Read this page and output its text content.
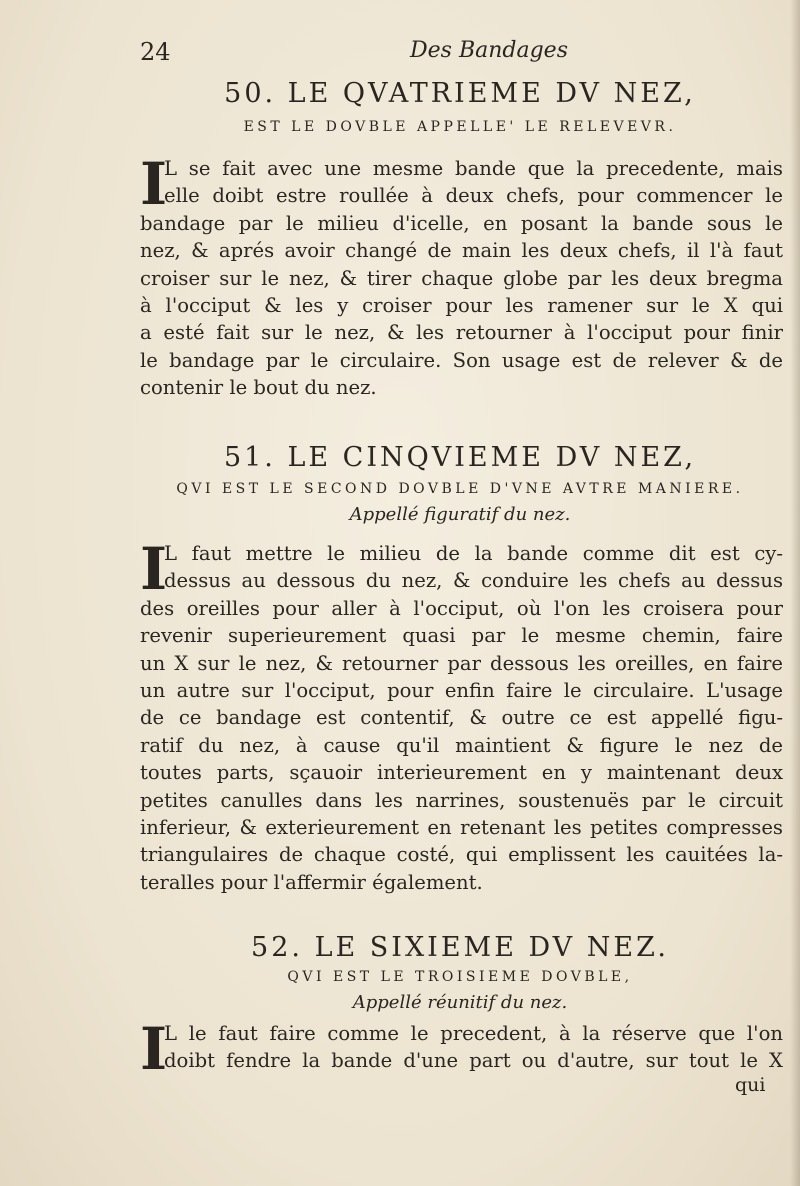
24	Des Bandages
50. LE QVATRIEME DV NEZ,
EST LE DOVBLE APPELLE' LE RELEVEVR.
I
L se fait avec une mesme bande que la precedente, mais
elle doibt estre roullée à deux chefs, pour commencer le
bandage par le milieu d'icelle, en posant la bande sous le
nez, & aprés avoir changé de main les deux chefs, il l'à faut
croiser sur le nez, & tirer chaque globe par les deux bregma
à l'occiput & les y croiser pour les ramener sur le X qui
a esté fait sur le nez, & les retourner à l'occiput pour finir
le bandage par le circulaire. Son usage est de relever & de
contenir le bout du nez.
51. LE CINQVIEME DV NEZ,
QVI EST LE SECOND DOVBLE D'VNE AVTRE MANIERE.
Appellé figuratif du nez.
I
L faut mettre le milieu de la bande comme dit est cy-
dessus au dessous du nez, & conduire les chefs au dessus
des oreilles pour aller à l'occiput, où l'on les croisera pour
revenir superieurement quasi par le mesme chemin, faire
un X sur le nez, & retourner par dessous les oreilles, en faire
un autre sur l'occiput, pour enfin faire le circulaire. L'usage
de ce bandage est contentif, & outre ce est appellé figu-
ratif du nez, à cause qu'il maintient & figure le nez de
toutes parts, sçauoir interieurement en y maintenant deux
petites canulles dans les narrines, soustenuës par le circuit
inferieur, & exterieurement en retenant les petites compresses
triangulaires de chaque costé, qui emplissent les cauitées la-
teralles pour l'affermir également.
52. LE SIXIEME DV NEZ.
QVI EST LE TROISIEME DOVBLE,
Appellé réunitif du nez.
I
L le faut faire comme le precedent, à la réserve que l'on
doibt fendre la bande d'une part ou d'autre, sur tout le X
qui
